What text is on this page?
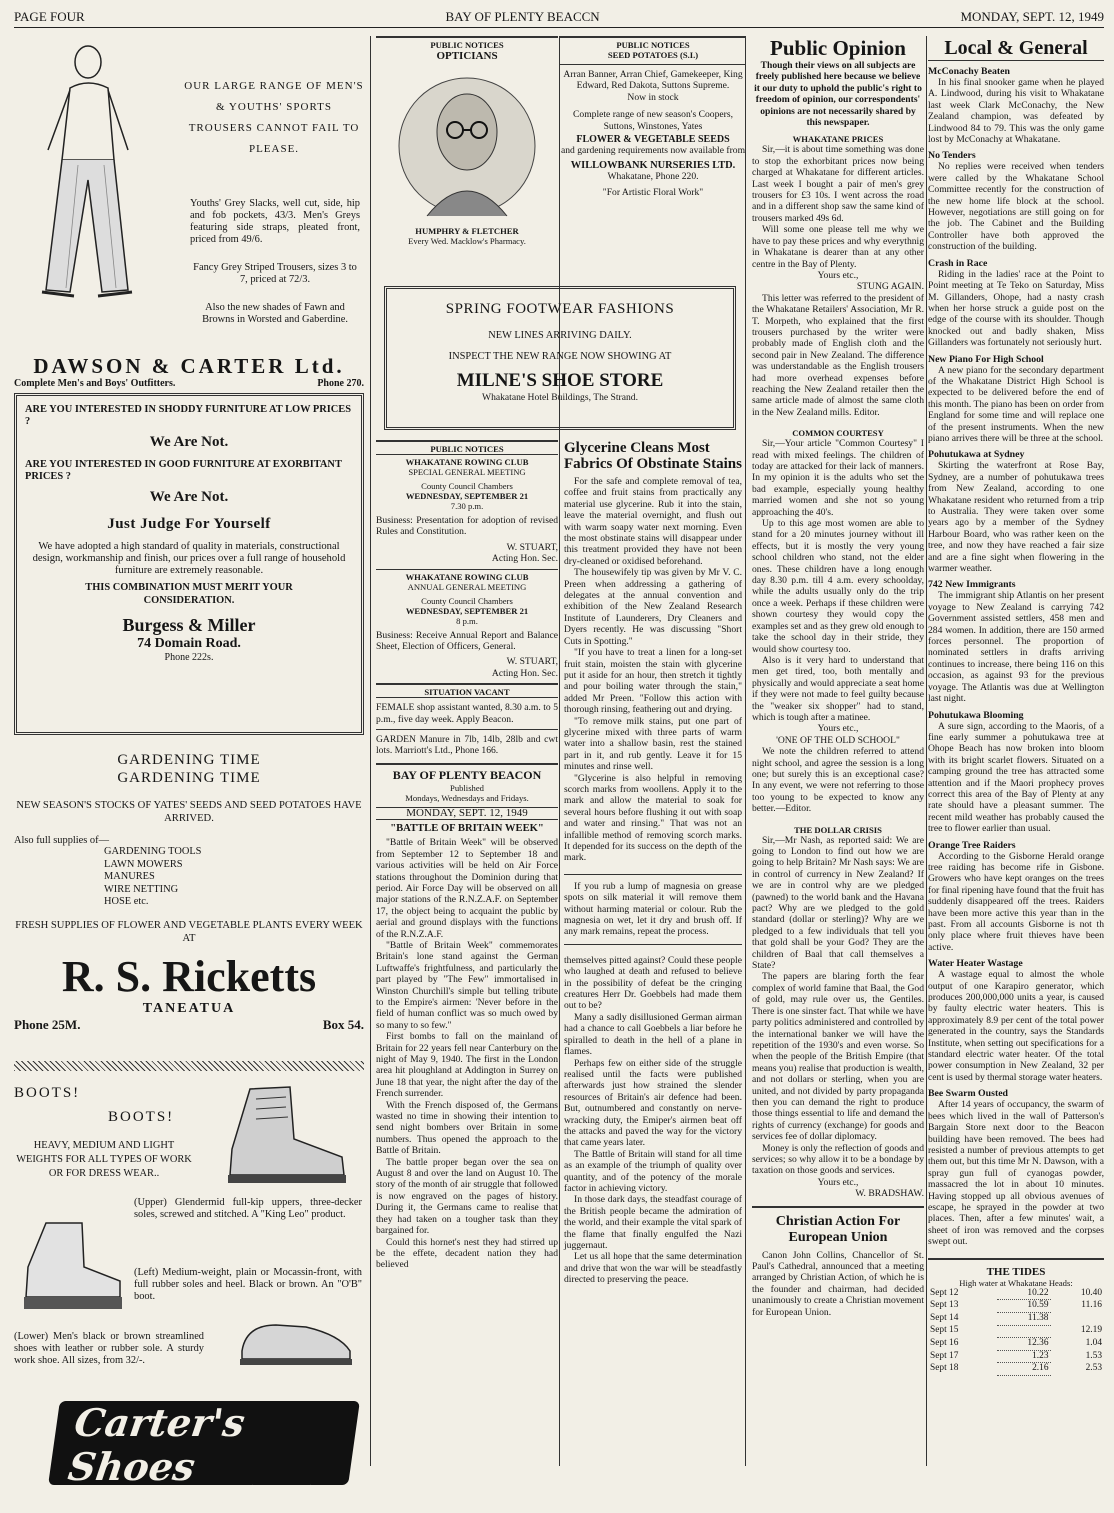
PAGE FOUR	BAY OF PLENTY BEACCN	MONDAY, SEPT. 12, 1949
OUR LARGE RANGE OF MEN'S & YOUTHS' SPORTS TROUSERS CANNOT FAIL TO PLEASE.

Youths' Grey Slacks, well cut, side, hip and fob pockets, 43/3. Men's Greys featuring side straps, pleated front, priced from 49/6.

Fancy Grey Striped Trousers, sizes 3 to 7, priced at 72/3.

Also the new shades of Fawn and Browns in Worsted and Gaberdine.

DAWSON & CARTER Ltd.
Complete Men's and Boys' Outfitters.	Phone 270.
ARE YOU INTERESTED IN SHODDY FURNITURE AT LOW PRICES ?
We Are Not.
ARE YOU INTERESTED IN GOOD FURNITURE AT EXORBITANT PRICES ?
We Are Not.
Just Judge For Yourself

We have adopted a high standard of quality in materials, constructional design, workmanship and finish, our prices over a full range of household furniture are extremely reasonable.

THIS COMBINATION MUST MERIT YOUR CONSIDERATION.
Burgess & Miller
74 Domain Road.
Phone 222s.
GARDENING TIME
GARDENING TIME
NEW SEASON'S STOCKS OF YATES' SEEDS AND SEED POTATOES HAVE ARRIVED.
Also full supplies of—
GARDENING TOOLS
LAWN MOWERS
MANURES
WIRE NETTING
HOSE etc.
FRESH SUPPLIES OF FLOWER AND VEGETABLE PLANTS EVERY WEEK AT
R. S. Ricketts
TANEATUA
Phone 25M.	Box 54.
BOOTS!
BOOTS!
HEAVY, MEDIUM AND LIGHT WEIGHTS FOR ALL TYPES OF WORK OR FOR DRESS WEAR..

(Upper) Glendermid full-kip uppers, three-decker soles, screwed and stitched. A "King Leo" product.

(Left) Medium-weight, plain or Mocassin-front, with full rubber soles and heel. Black or brown. An "O'B" boot.

(Lower) Men's black or brown streamlined shoes with leather or rubber sole. A sturdy work shoe. All sizes, from 32/-.

Carter's Shoes	(WHAKATANE) LTD.
Leaders in Stylish Footwear
PUBLIC NOTICES
OPTICIANS
HUMPHRY & FLETCHER
Every Wed. Macklow's Pharmacy.
PUBLIC NOTICES
SEED POTATOES (S.I.)

Arran Banner, Arran Chief, Gamekeeper, King Edward, Red Dakota, Suttons Supreme.

Now in stock

Complete range of new season's Coopers, Suttons, Winstones, Yates

FLOWER & VEGETABLE SEEDS

and gardening requirements now available from

WILLOWBANK NURSERIES LTD.

Whakatane, Phone 220.

"For Artistic Floral Work"

SPRING FOOTWEAR FASHIONS
NEW LINES ARRIVING DAILY.
INSPECT THE NEW RANGE NOW SHOWING AT
MILNE'S SHOE STORE
Whakatane Hotel Buildings, The Strand.
PUBLIC NOTICES
WHAKATANE ROWING CLUB

SPECIAL GENERAL MEETING

County Council Chambers

WEDNESDAY, SEPTEMBER 21

7.30 p.m.

Business: Presentation for adoption of revised Rules and Constitution.

W. STUART,

Acting Hon. Sec.

WHAKATANE ROWING CLUB

ANNUAL GENERAL MEETING

County Council Chambers

WEDNESDAY, SEPTEMBER 21

8 p.m.

Business: Receive Annual Report and Balance Sheet, Election of Officers, General.

W. STUART,

Acting Hon. Sec.

SITUATION VACANT

FEMALE shop assistant wanted, 8.30 a.m. to 5 p.m., five day week. Apply Beacon.

GARDEN Manure in 7lb, 14lb, 28lb and cwt lots. Marriott's Ltd., Phone 166.

BAY OF PLENTY BEACON

Published

Mondays, Wednesdays and Fridays.

MONDAY, SEPT. 12, 1949

"BATTLE OF BRITAIN WEEK"

"Battle of Britain Week" will be observed from September 12 to September 18 and various activities will be held on Air Force stations throughout the Dominion during that period. Air Force Day will be observed on all major stations of the R.N.Z.A.F. on September 17, the object being to acquaint the public by aerial and ground displays with the functions of the R.N.Z.A.F.

"Battle of Britain Week" commemorates Britain's lone stand against the German Luftwaffe's frightfulness, and particularly the part played by "The Few" immortalised in Winston Churchill's simple but telling tribute to the Empire's airmen: 'Never before in the field of human conflict was so much owed by so many to so few."

First bombs to fall on the mainland of Britain for 22 years fell near Canterbury on the night of May 9, 1940. The first in the London area hit ploughland at Addington in Surrey on June 18 that year, the night after the day of the French surrender.

With the French disposed of, the Germans wasted no time in showing their intention to send night bombers over Britain in some numbers. Thus opened the approach to the Battle of Britain.

The battle proper began over the sea on August 8 and over the land on August 10. The story of the month of air struggle that followed is now engraved on the pages of history. During it, the Germans came to realise that they had taken on a tougher task than they bargained for.

Could this hornet's nest they had stirred up be the effete, decadent nation they had believed

Glycerine Cleans Most Fabrics Of Obstinate Stains

For the safe and complete removal of tea, coffee and fruit stains from practically any material use glycerine. Rub it into the stain, leave the material overnight, and flush out with warm soapy water next morning. Even the most obstinate stains will disappear under this treatment provided they have not been dry-cleaned or oxidised beforehand.

The housewifely tip was given by Mr V. C. Preen when addressing a gathering of delegates at the annual convention and exhibition of the New Zealand Research Institute of Launderers, Dry Cleaners and Dyers recently. He was discussing "Short Cuts in Spotting."

"If you have to treat a linen for a long-set fruit stain, moisten the stain with glycerine put it aside for an hour, then stretch it tightly and pour boiling water through the stain," added Mr Preen. "Follow this action with thorough rinsing, feathering out and drying.

"To remove milk stains, put one part of glycerine mixed with three parts of warm water into a shallow basin, rest the stained part in it, and rub gently. Leave it for 15 minutes and rinse well.

"Glycerine is also helpful in removing scorch marks from woollens. Apply it to the mark and allow the material to soak for several hours before flushing it out with soap and water and rinsing." That was not an infallible method of removing scorch marks. It depended for its success on the depth of the mark.

If you rub a lump of magnesia on grease spots on silk material it will remove them without harming material or colour. Rub the magnesia on wet, let it dry and brush off. If any mark remains, repeat the process.

themselves pitted against? Could these people who laughed at death and refused to believe in the possibility of defeat be the cringing creatures Herr Dr. Goebbels had made them out to be?

Many a sadly disillusioned German airman had a chance to call Goebbels a liar before he spiralled to death in the hell of a plane in flames.

Perhaps few on either side of the struggle realised until the facts were published afterwards just how strained the slender resources of Britain's air defence had been. But, outnumbered and constantly on nerve-wracking duty, the Emiper's airmen beat off the attacks and paved the way for the victory that came years later.

The Battle of Britain will stand for all time as an example of the triumph of quality over quantity, and of the potency of the morale factor in achieving victory.

In those dark days, the steadfast courage of the British people became the admiration of the world, and their example the vital spark of the flame that finally engulfed the Nazi juggernaut.

Let us all hope that the same determination and drive that won the war will be steadfastly directed to preserving the peace.

Public Opinion

Though their views on all subjects are freely published here because we believe it our duty to uphold the public's right to freedom of opinion, our correspondents' opinions are not necessarily shared by this newspaper.

WHAKATANE PRICES

Sir,—it is about time something was done to stop the exhorbitant prices now being charged at Whakatane for different articles. Last week I bought a pair of men's grey trousers for £3 10s. I went across the road and in a different shop saw the same kind of trousers marked 49s 6d.

Will some one please tell me why we have to pay these prices and why everythnig in Whakatane is dearer than at any other centre in the Bay of Plenty.

Yours etc.,

STUNG AGAIN.

This letter was referred to the president of the Whakatane Retailers' Association, Mr R. T. Morpeth, who explained that the first trousers purchased by the writer were probably made of English cloth and the second pair in New Zealand. The difference was understandable as the English trousers had more overhead expenses before reaching the New Zealand retailer then the same article made of almost the same cloth in the New Zealand mills. Editor.

COMMON COURTESY

Sir,—Your article "Common Courtesy" I read with mixed feelings. The children of today are attacked for their lack of manners. In my opinion it is the adults who set the bad example, especially young healthy married women and she not so young approaching the 40's.

Up to this age most women are able to stand for a 20 minutes journey without ill effects, but it is mostly the very young school children who stand, not the elder ones. These children have a long enough day 8.30 p.m. till 4 a.m. every schoolday, while the adults usually only do the trip once a week. Perhaps if these children were shown courtesy they would copy the examples set and as they grew old enough to take the school day in their stride, they would show courtesy too.

Also is it very hard to understand that men get tired, too, both mentally and physically and would appreciate a seat home if they were not made to feel guilty because the "weaker six shopper" had to stand, which is tough after a matinee.

Yours etc.,

'ONE OF THE OLD SCHOOL"

We note the children referred to attend night school, and agree the session is a long one; but surely this is an exceptional case? In any event, we were not referring to those too young to be expected to know any better.—Editor.

THE DOLLAR CRISIS

Sir,—Mr Nash, as reported said: We are going to London to find out how we are going to help Britain? Mr Nash says: We are in control of currency in New Zealand? If we are in control why are we pledged (pawned) to the world bank and the Havana pact? Why are we pledged to the gold standard (dollar or sterling)? Why are we pledged to a few individuals that tell you that gold shall be your God? They are the children of Baal that call themselves a State?

The papers are blaring forth the fear complex of world famine that Baal, the God of gold, may rule over us, the Gentiles. There is one sinster fact. That while we have party politics administered and controlled by the international banker we will have the repetition of the 1930's and even worse. So when the people of the British Empire (that means you) realise that production is wealth, and not dollars or sterling, when you are united, and not divided by party propaganda then you can demand the right to produce those things essential to life and demand the rights of currency (exchange) for goods and services fee of dollar diplomacy.

Money is only the reflection of goods and services; so why allow it to be a bondage by taxation on those goods and services.

Yours etc.,

W. BRADSHAW.

Christian Action For European Union

Canon John Collins, Chancellor of St. Paul's Cathedral, announced that a meeting arranged by Christian Action, of which he is the founder and chairman, had decided unanimously to create a Christian movement for European Union.

Local & General
McConachy Beaten

In his final snooker game when he played A. Lindwood, during his visit to Whakatane last week Clark McConachy, the New Zealand champion, was defeated by Lindwood 84 to 79. This was the only game lost by McConachy at Whakatane.

No Tenders

No replies were received when tenders were called by the Whakatane School Committee recently for the construction of the new home life block at the school. However, negotiations are still going on for the job. The Cabinet and the Building Controller have both approved the construction of the building.

Crash in Race

Riding in the ladies' race at the Point to Point meeting at Te Teko on Saturday, Miss M. Gillanders, Ohope, had a nasty crash when her horse struck a guide post on the edge of the course with its shoulder. Though knocked out and badly shaken, Miss Gillanders was fortunately not seriously hurt.

New Piano For High School

A new piano for the secondary department of the Whakatane District High School is expected to be delivered before the end of this month. The piano has been on order from England for some time and will replace one of the present instruments. When the new piano arrives there will be three at the school.

Pohutukawa at Sydney

Skirting the waterfront at Rose Bay, Sydney, are a number of pohutukawa trees from New Zealand, according to one Whakatane resident who returned from a trip to Australia. They were taken over some years ago by a member of the Sydney Harbour Board, who was rather keen on the tree, and now they have reached a fair size and are a fine sight when flowering in the warmer weather.

742 New Immigrants

The immigrant ship Atlantis on her present voyage to New Zealand is carrying 742 Government assisted settlers, 458 men and 284 women. In addition, there are 150 armed forces personnel. The proportion of nominated settlers in drafts arriving continues to increase, there being 116 on this occasion, as against 93 for the previous voyage. The Atlantis was due at Wellington last night.

Pohutukawa Blooming

A sure sign, according to the Maoris, of a fine early summer a pohutukawa tree at Ohope Beach has now broken into bloom with its bright scarlet flowers. Situated on a camping ground the tree has attracted some attention and if the Maori prophecy proves correct this area of the Bay of Plenty at any rate should have a pleasant summer. The recent mild weather has probably caused the tree to flower earlier than usual.

Orange Tree Raiders

According to the Gisborne Herald orange tree raiding has become rife in Gisbone. Growers who have kept oranges on the trees for final ripening have found that the fruit has suddenly disappeared off the trees. Raiders have been more active this year than in the past. From all accounts Gisborne is not th only place where fruit thieves have been active.

Water Heater Wastage

A wastage equal to almost the whole output of one Karapiro generator, which produces 200,000,000 units a year, is caused by faulty electric water heaters. This is approximately 8.9 per cent of the total power generated in the country, says the Standards Institute, when setting out specifications for a standard electric water heater. Of the total power consumption in New Zealand, 32 per cent is used by thermal storage water heaters.

Bee Swarm Ousted

After 14 years of occupancy, the swarm of bees which lived in the wall of Patterson's Bargain Store next door to the Beacon building have been removed. The bees had resisted a number of previous attempts to get them out, but this time Mr N. Dawson, with a spray gun full of cyanogas powder, massacred the lot in about 10 minutes. Having stopped up all obvious avenues of escape, he sprayed in the powder at two places. Then, after a few minutes' wait, a sheet of iron was removed and the corpses swept out.

THE TIDES

High water at Whakatane Heads:

Sept 12	10.22	10.40
Sept 13	10.59	11.16
Sept 14	11.38	
Sept 15		12.19
Sept 16	12.36	1.04
Sept 17	1.23	1.53
Sept 18	2.16	2.53
